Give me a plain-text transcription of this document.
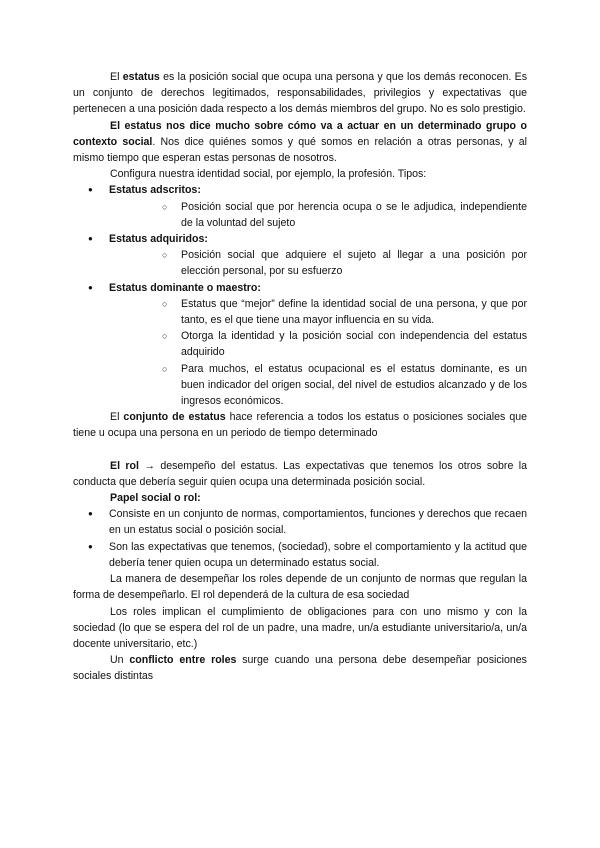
El estatus es la posición social que ocupa una persona y que los demás reconocen. Es un conjunto de derechos legitimados, responsabilidades, privilegios y expectativas que pertenecen a una posición dada respecto a los demás miembros del grupo. No es solo prestigio.

El estatus nos dice mucho sobre cómo va a actuar en un determinado grupo o contexto social. Nos dice quiénes somos y qué somos en relación a otras personas, y al mismo tiempo que esperan estas personas de nosotros.

Configura nuestra identidad social, por ejemplo, la profesión. Tipos:

● Estatus adscritos:
○ Posición social que por herencia ocupa o se le adjudica, independiente de la voluntad del sujeto
● Estatus adquiridos:
○ Posición social que adquiere el sujeto al llegar a una posición por elección personal, por su esfuerzo
● Estatus dominante o maestro:
○ Estatus que “mejor” define la identidad social de una persona, y que por tanto, es el que tiene una mayor influencia en su vida.
○ Otorga la identidad y la posición social con independencia del estatus adquirido
○ Para muchos, el estatus ocupacional es el estatus dominante, es un buen indicador del origen social, del nivel de estudios alcanzado y de los ingresos económicos.

El conjunto de estatus hace referencia a todos los estatus o posiciones sociales que tiene u ocupa una persona en un periodo de tiempo determinado

El rol → desempeño del estatus. Las expectativas que tenemos los otros sobre la conducta que debería seguir quien ocupa una determinada posición social.

Papel social o rol:

● Consiste en un conjunto de normas, comportamientos, funciones y derechos que recaen en un estatus social o posición social.
● Son las expectativas que tenemos, (sociedad), sobre el comportamiento y la actitud que debería tener quien ocupa un determinado estatus social.

La manera de desempeñar los roles depende de un conjunto de normas que regulan la forma de desempeñarlo. El rol dependerá de la cultura de esa sociedad

Los roles implican el cumplimiento de obligaciones para con uno mismo y con la sociedad (lo que se espera del rol de un padre, una madre, un/a estudiante universitario/a, un/a docente universitario, etc.)

Un conflicto entre roles surge cuando una persona debe desempeñar posiciones sociales distintas
